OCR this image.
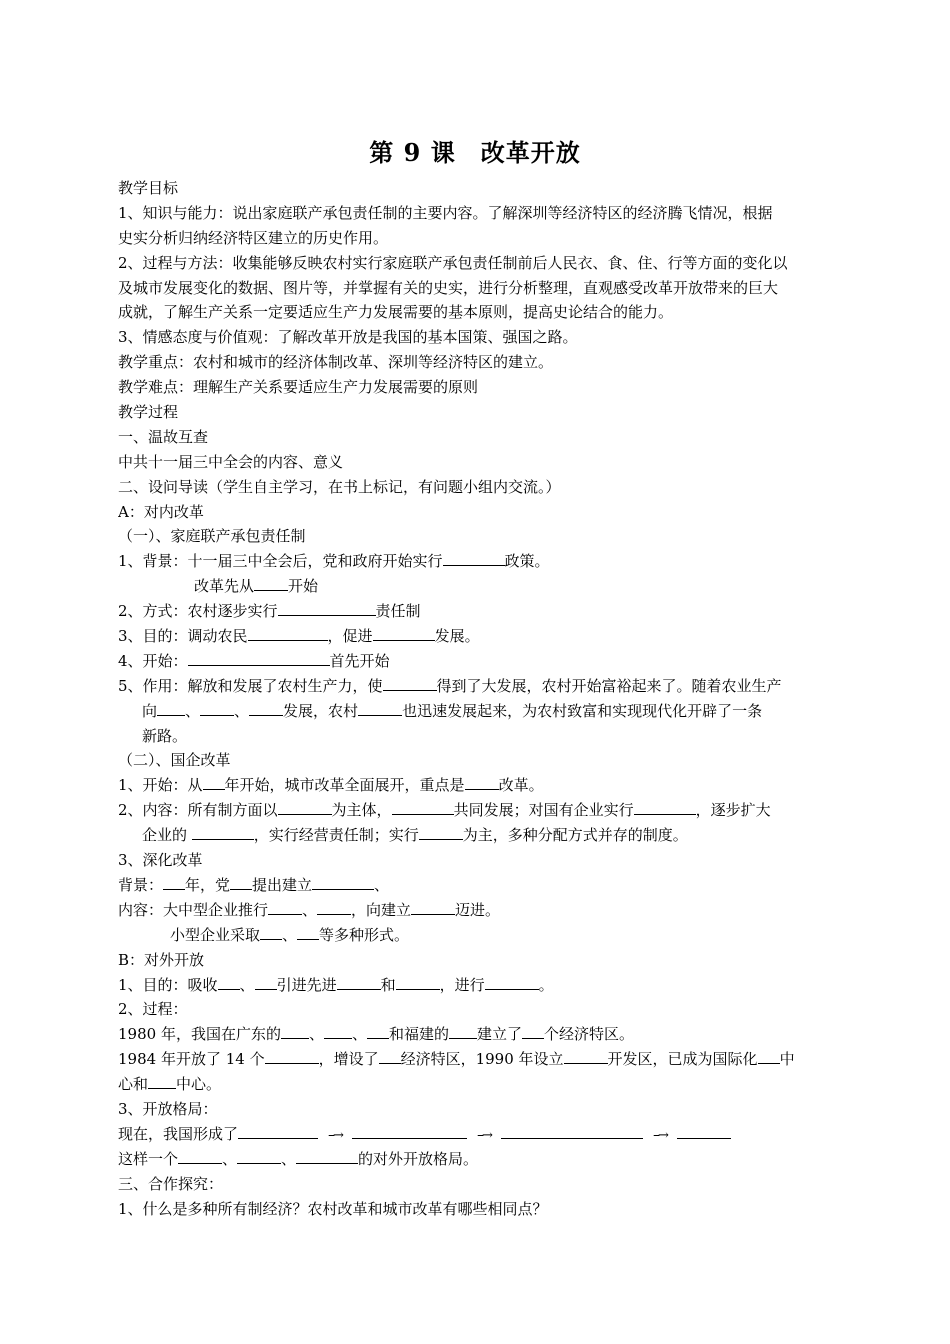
第 9 课　改革开放
教学目标
1、知识与能力：说出家庭联产承包责任制的主要内容。了解深圳等经济特区的经济腾飞情况，根据
史实分析归纳经济特区建立的历史作用。
2、过程与方法：收集能够反映农村实行家庭联产承包责任制前后人民衣、食、住、行等方面的变化以
及城市发展变化的数据、图片等，并掌握有关的史实，进行分析整理，直观感受改革开放带来的巨大
成就，了解生产关系一定要适应生产力发展需要的基本原则，提高史论结合的能力。
3、情感态度与价值观：了解改革开放是我国的基本国策、强国之路。
教学重点：农村和城市的经济体制改革、深圳等经济特区的建立。
教学难点：理解生产关系要适应生产力发展需要的原则
教学过程
一、温故互查
中共十一届三中全会的内容、意义
二、设问导读（学生自主学习，在书上标记，有问题小组内交流。）
A：对内改革
（一）、家庭联产承包责任制
1、背景：十一届三中全会后，党和政府开始实行	政策。
改革先从 开始
2、方式：农村逐步实行	责任制
3、目的：调动农民	，促进	发展。
4、开始：	首先开始
5、作用：解放和发展了农村生产力，使	得到了大发展，农村开始富裕起来了。随着农业生产
向 、 、 发展，农村	也迅速发展起来，为农村致富和实现现代化开辟了一条
新路。
（二）、国企改革
1、开始：从 年开始，城市改革全面展开，重点是 改革。
2、内容：所有制方面以	为主体，	共同发展；对国有企业实行	，逐步扩大
企业的	，实行经营责任制；实行	为主，多种分配方式并存的制度。
3、深化改革
背景： 年，党 提出建立	、
内容：大中型企业推行 、 ，向建立	迈进。
小型企业采取 、 等多种形式。
B：对外开放
1、目的：吸收 、 引进先进	和	，进行	。
2、过程：
1980 年，我国在广东的 、 、 和福建的 建立了 个经济特区。
1984 年开放了 14 个	，增设了 经济特区，1990 年设立	开发区，已成为国际化 中
心和 中心。
3、开放格局：
现在，我国形成了	--→	--→	--→
这样一个	、	、	的对外开放格局。
三、合作探究：
1、什么是多种所有制经济？农村改革和城市改革有哪些相同点？
